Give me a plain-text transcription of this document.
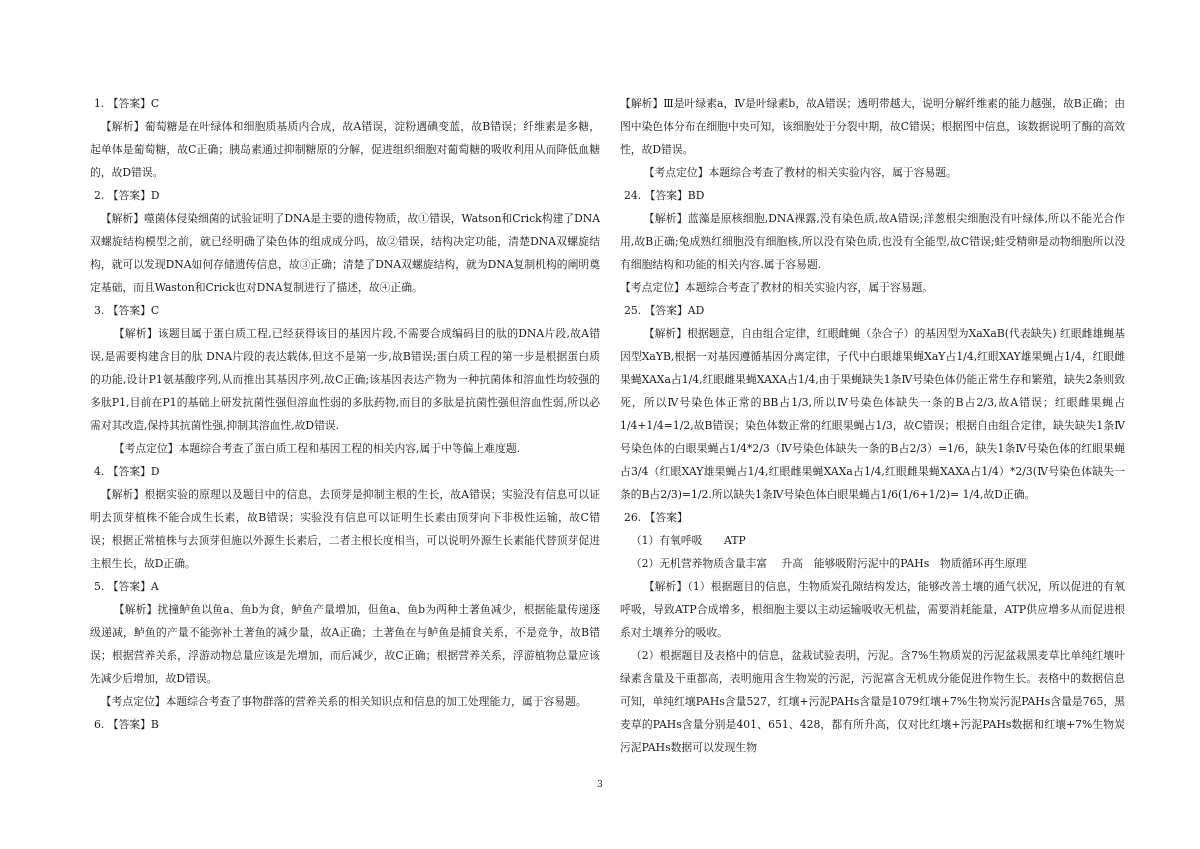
1. 【答案】C

【解析】葡萄糖是在叶绿体和细胞质基质内合成，故A错误，淀粉遇碘变蓝，故B错误；纤维素是多糖，起单体是葡萄糖，故C正确；胰岛素通过抑制糖原的分解，促进组织细胞对葡萄糖的吸收利用从而降低血糖的，故D错误。

2. 【答案】D

【解析】噬菌体侵染细菌的试验证明了DNA是主要的遗传物质，故①错误，Watson和Crick构建了DNA双螺旋结构模型之前，就已经明确了染色体的组成成分吗，故②错误，结构决定功能，清楚DNA双螺旋结构，就可以发现DNA如何存储遗传信息，故③正确；清楚了DNA双螺旋结构，就为DNA复制机构的阐明奠定基础，而且Waston和Crick也对DNA复制进行了描述，故④正确。

3. 【答案】C

【解析】该题目属于蛋白质工程,已经获得该目的基因片段,不需要合成编码目的肽的DNA片段,故A错误,是需要构建含目的肽 DNA片段的表达载体,但这不是第一步,故B错误;蛋白质工程的第一步是根据蛋白质的功能,设计P1氨基酸序列,从而推出其基因序列,故C正确;该基因表达产物为一种抗菌体和溶血性均较强的多肽P1,目前在P1的基础上研发抗菌性强但溶血性弱的多肽药物,而目的多肽是抗菌性强但溶血性弱,所以必需对其改造,保持其抗菌性强,抑制其溶血性,故D错误.

【考点定位】本题综合考查了蛋白质工程和基因工程的相关内容,属于中等偏上难度题.

4. 【答案】D

【解析】根据实验的原理以及题目中的信息，去顶芽是抑制主根的生长，故A错误；实验没有信息可以证明去顶芽植株不能合成生长素，故B错误；实验没有信息可以证明生长素由顶芽向下非极性运输，故C错误；根据正常植株与去顶芽但施以外源生长素后，二者主根长度相当，可以说明外源生长素能代替顶芽促进主根生长，故D正确。

5. 【答案】A

【解析】扰撞鲈鱼以鱼a、鱼b为食，鲈鱼产量增加，但鱼a、鱼b为两种土著鱼减少，根据能量传递逐级递减，鲈鱼的产量不能弥补土著鱼的减少量，故A正确；土著鱼在与鲈鱼是捕食关系，不是竞争，故B错误；根据营养关系，浮游动物总量应该是先增加，而后减少，故C正确；根据营养关系，浮游植物总量应该先减少后增加，故D错误。

【考点定位】本题综合考查了事物群落的营养关系的相关知识点和信息的加工处理能力，属于容易题。

6. 【答案】B

【解析】Ⅲ是叶绿素a，Ⅳ是叶绿素b，故A错误；透明带越大，说明分解纤维素的能力越强，故B正确；由图中染色体分布在细胞中央可知，该细胞处于分裂中期，故C错误；根据图中信息，该数据说明了酶的高效性，故D错误。

【考点定位】本题综合考查了教材的相关实验内容，属于容易题。

24. 【答案】BD

【解析】蓝藻是原核细胞,DNA裸露,没有染色质,故A错误;洋葱根尖细胞没有叶绿体,所以不能光合作用,故B正确;兔成熟红细胞没有细胞核,所以没有染色质,也没有全能型,故C错误;蛙受精卵是动物细胞所以没有细胞结构和功能的相关内容.属于容易题.

【考点定位】本题综合考查了教材的相关实验内容，属于容易题。

25. 【答案】AD

【解析】根据题意，自由组合定律，红眼雌蝇（杂合子）的基因型为XaXaB(代表缺失) 红眼雌雄蝇基因型XaYB,根据一对基因遵循基因分离定律，子代中白眼雄果蝇XaY占1/4,红眼XAY雄果蝇占1/4，红眼雌果蝇XAXa占1/4,红眼雌果蝇XAXA占1/4,由于果蝇缺失1条Ⅳ号染色体仍能正常生存和繁殖，缺失2条则致死，所以Ⅳ号染色体正常的BB占1/3,所以Ⅳ号染色体缺失一条的B占2/3,故A错误；红眼雌果蝇占1/4+1/4=1/2,故B错误；染色体数正常的红眼果蝇占1/3，故C错误；根据自由组合定律，缺失缺失1条Ⅳ号染色体的白眼果蝇占1/4*2/3（Ⅳ号染色体缺失一条的B占2/3）=1/6，缺失1条Ⅳ号染色体的红眼果蝇占3/4（红眼XAY雄果蝇占1/4,红眼雌果蝇XAXa占1/4,红眼雌果蝇XAXA占1/4）*2/3(Ⅳ号染色体缺失一条的B占2/3)=1/2.所以缺失1条Ⅳ号染色体白眼果蝇占1/6(1/6+1/2)= 1/4,故D正确。

26. 【答案】

（1）有氧呼吸　　ATP

（2）无机营养物质含量丰富　 升高　能够吸附污泥中的PAHs　物质循环再生原理

【解析】（1）根据题目的信息，生物质炭孔隙结构发达，能够改善土壤的通气状况，所以促进的有氧呼吸，导致ATP合成增多，根细胞主要以主动运输吸收无机盐，需要消耗能量，ATP供应增多从而促进根系对土壤养分的吸收。

（2）根据题目及表格中的信息，盆栽试验表明，污泥。含7%生物质炭的污泥盆栽黑麦草比单纯红壤叶绿素含量及干重都高，表明施用含生物炭的污泥，污泥富含无机成分能促进作物生长。表格中的数据信息可知，单纯红壤PAHs含量527，红壤+污泥PAHs含量是1079红壤+7%生物炭污泥PAHs含量是765，黑麦草的PAHs含量分别是401、651、428，都有所升高，仅对比红壤+污泥PAHs数据和红壤+7%生物炭污泥PAHs数据可以发现生物

3
